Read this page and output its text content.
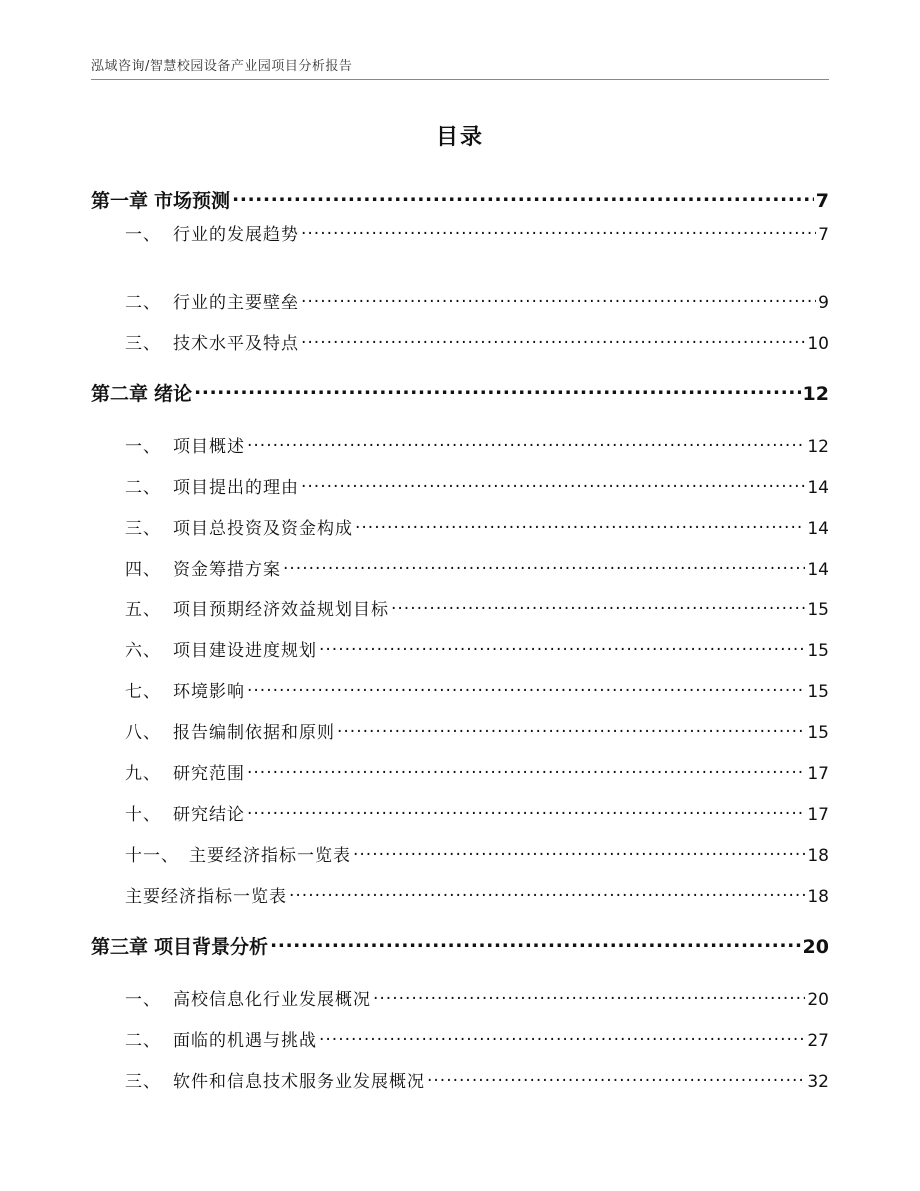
泓域咨询/智慧校园设备产业园项目分析报告
目录
第一章 市场预测 .....	7
一、 行业的发展趋势 .....	7
二、 行业的主要壁垒 .....	9
三、 技术水平及特点 .....	10
第二章 绪论 .....	12
一、 项目概述 .....	12
二、 项目提出的理由 .....	14
三、 项目总投资及资金构成 .....	14
四、 资金筹措方案 .....	14
五、 项目预期经济效益规划目标 .....	15
六、 项目建设进度规划 .....	15
七、 环境影响 .....	15
八、 报告编制依据和原则 .....	15
九、 研究范围 .....	17
十、 研究结论 .....	17
十一、 主要经济指标一览表 .....	18
主要经济指标一览表 .....	18
第三章 项目背景分析 .....	20
一、 高校信息化行业发展概况 .....	20
二、 面临的机遇与挑战 .....	27
三、 软件和信息技术服务业发展概况 .....	32
